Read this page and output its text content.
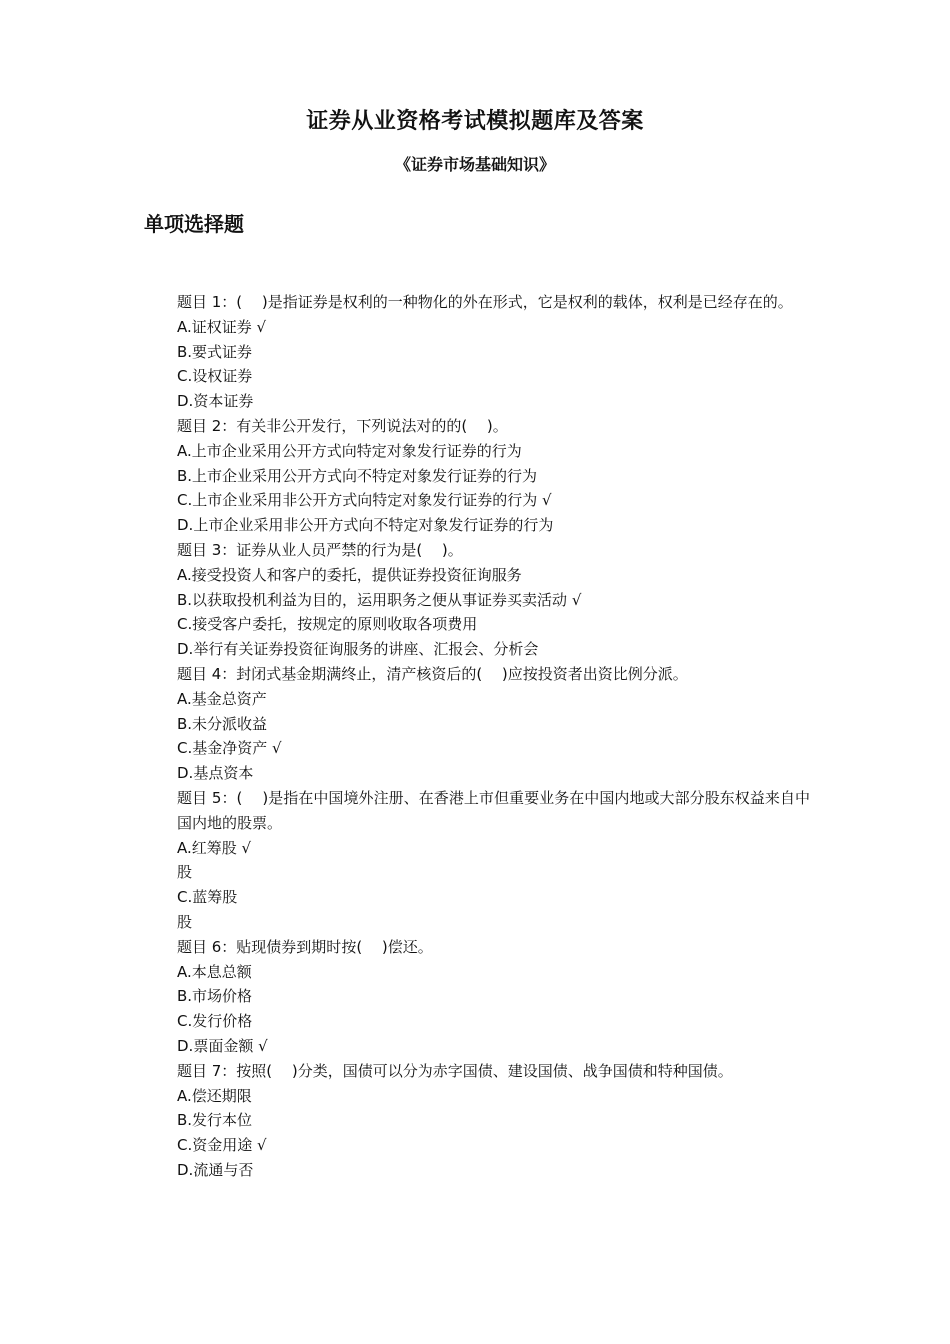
证券从业资格考试模拟题库及答案
《证券市场基础知识》
单项选择题

题目 1：(　 )是指证券是权利的一种物化的外在形式，它是权利的载体，权利是已经存在的。

A.证权证券 √

B.要式证券

C.设权证券

D.资本证券

题目 2：有关非公开发行，下列说法对的的(　 )。

A.上市企业采用公开方式向特定对象发行证券的行为

B.上市企业采用公开方式向不特定对象发行证券的行为

C.上市企业采用非公开方式向特定对象发行证券的行为 √

D.上市企业采用非公开方式向不特定对象发行证券的行为

题目 3：证券从业人员严禁的行为是(　 )。

A.接受投资人和客户的委托，提供证券投资征询服务

B.以获取投机利益为目的，运用职务之便从事证券买卖活动 √

C.接受客户委托，按规定的原则收取各项费用

D.举行有关证券投资征询服务的讲座、汇报会、分析会

题目 4：封闭式基金期满终止，清产核资后的(　 )应按投资者出资比例分派。

A.基金总资产

B.未分派收益

C.基金净资产 √

D.基点资本

题目 5：(　 )是指在中国境外注册、在香港上市但重要业务在中国内地或大部分股东权益来自中国内地的股票。

A.红筹股 √

股

C.蓝筹股

股

题目 6：贴现债券到期时按(　 )偿还。

A.本息总额

B.市场价格

C.发行价格

D.票面金额 √

题目 7：按照(　 )分类，国债可以分为赤字国债、建设国债、战争国债和特种国债。

A.偿还期限

B.发行本位

C.资金用途 √

D.流通与否
